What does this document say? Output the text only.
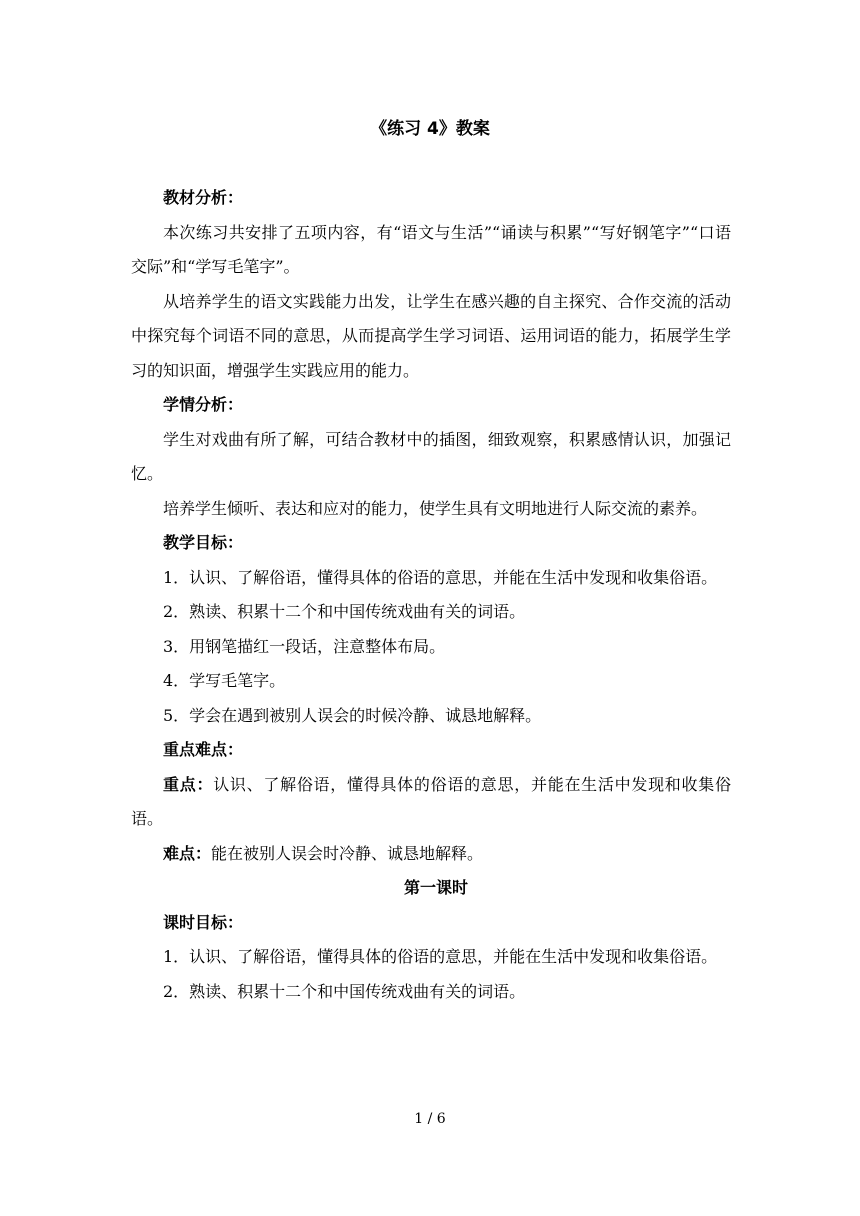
《练习 4》教案
教材分析：

本次练习共安排了五项内容，有“语文与生活”“诵读与积累”“写好钢笔字”“口语交际”和“学写毛笔字”。

从培养学生的语文实践能力出发，让学生在感兴趣的自主探究、合作交流的活动中探究每个词语不同的意思，从而提高学生学习词语、运用词语的能力，拓展学生学习的知识面，增强学生实践应用的能力。

学情分析：

学生对戏曲有所了解，可结合教材中的插图，细致观察，积累感情认识，加强记忆。

培养学生倾听、表达和应对的能力，使学生具有文明地进行人际交流的素养。

教学目标：

1．认识、了解俗语，懂得具体的俗语的意思，并能在生活中发现和收集俗语。

2．熟读、积累十二个和中国传统戏曲有关的词语。

3．用钢笔描红一段话，注意整体布局。

4．学写毛笔字。

5．学会在遇到被别人误会的时候冷静、诚恳地解释。

重点难点：

重点：认识、了解俗语，懂得具体的俗语的意思，并能在生活中发现和收集俗语。

难点：能在被别人误会时冷静、诚恳地解释。

第一课时
课时目标：

1．认识、了解俗语，懂得具体的俗语的意思，并能在生活中发现和收集俗语。

2．熟读、积累十二个和中国传统戏曲有关的词语。

1 / 6
